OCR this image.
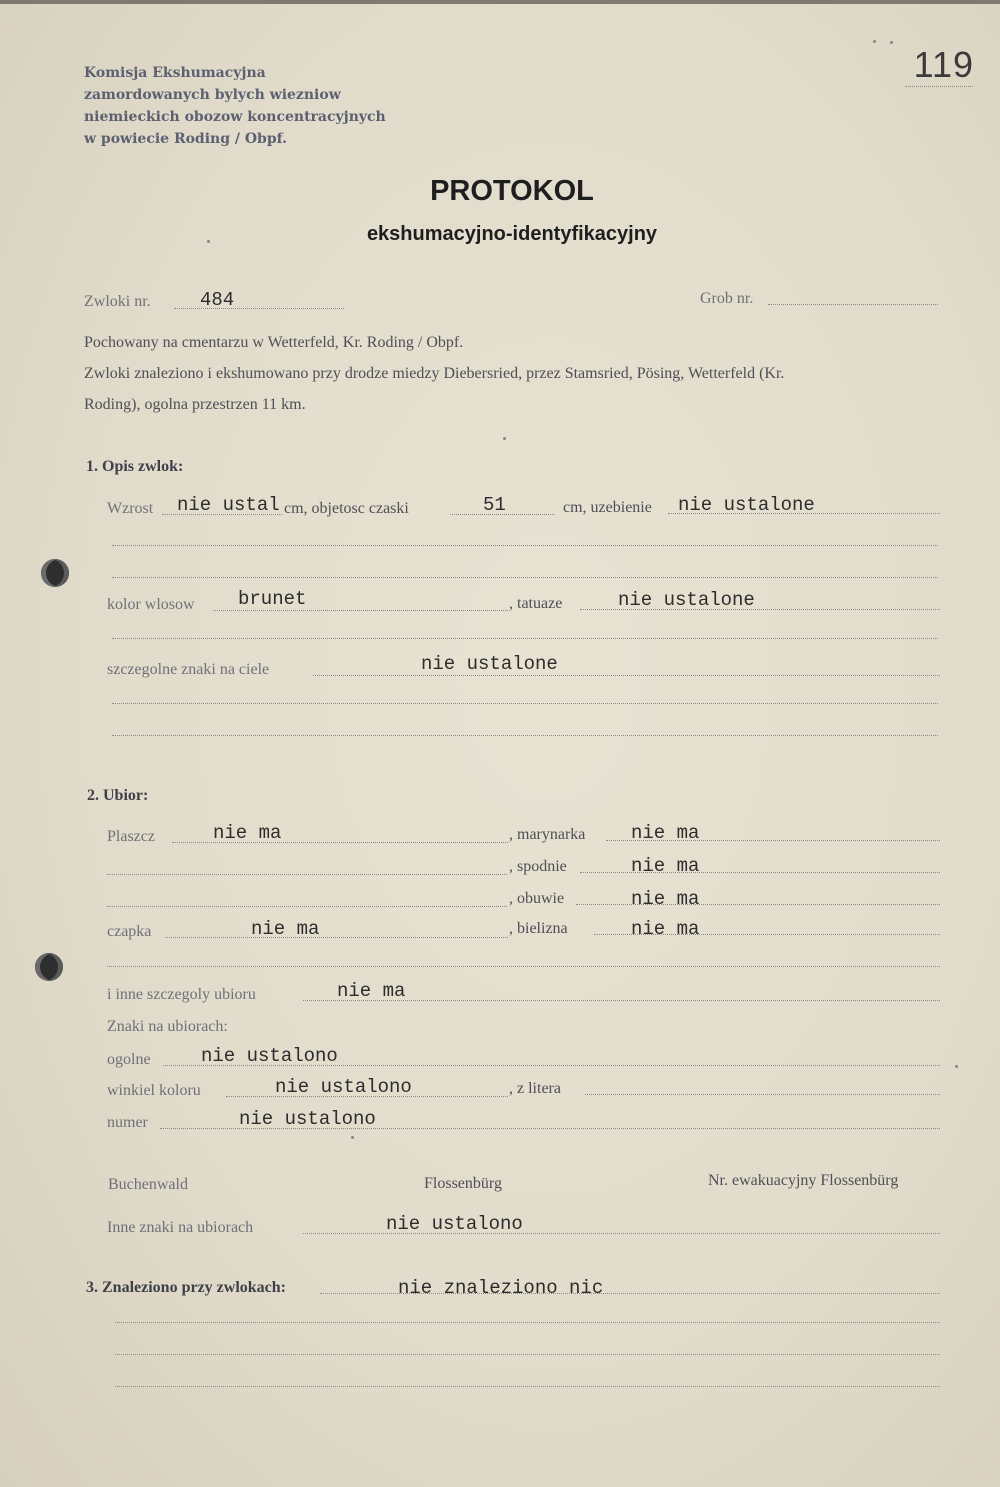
Komisja Ekshumacyjna
zamordowanych bylych wiezniow
niemieckich obozow koncentracyjnych
w powiecie Roding / Obpf.
119
PROTOKOL
ekshumacyjno-identyfikacyjny
Zwloki nr.	484	Grob nr.
Pochowany na cmentarzu w Wetterfeld, Kr. Roding / Obpf.
Zwloki znaleziono i ekshumowano przy drodze miedzy Diebersried, przez Stamsried, Pösing, Wetterfeld (Kr.
Roding), ogolna przestrzen 11 km.
1. Opis zwlok:
Wzrost nie ustal cm, objetosc czaski	51	cm, uzebienie nie ustalone
kolor wlosow brunet	, tatuaze	nie ustalone
szczegolne znaki na ciele	nie ustalone
2. Ubior:
Plaszcz	nie ma	, marynarka nie ma
, spodnie	nie ma
, obuwie	nie ma
czapka	nie ma	, bielizna	nie ma
i inne szczegoly ubioru	nie ma
Znaki na ubiorach:
ogolne	nie ustalono
winkiel koloru	nie ustalono	, z litera
numer	nie ustalono
Buchenwald	Flossenbürg	Nr. ewakuacyjny Flossenbürg
Inne znaki na ubiorach	nie ustalono
3. Znaleziono przy zwlokach:	nie znaleziono nic
